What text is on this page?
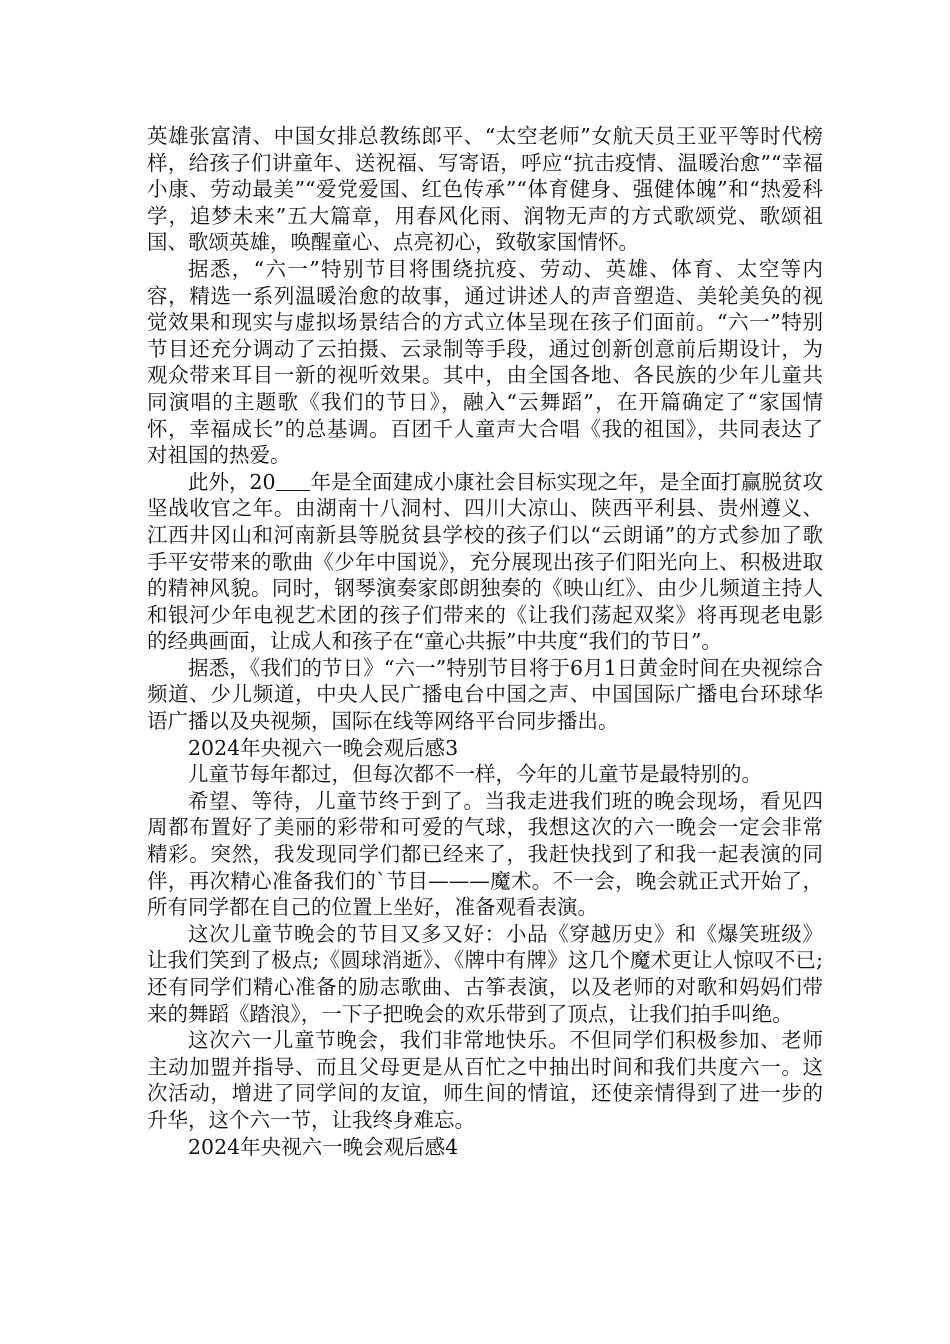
英雄张富清、中国女排总教练郎平、“太空老师”女航天员王亚平等时代榜样，给孩子们讲童年、送祝福、写寄语，呼应“抗击疫情、温暖治愈”“幸福小康、劳动最美”“爱党爱国、红色传承”“体育健身、强健体魄”和“热爱科学，追梦未来”五大篇章，用春风化雨、润物无声的方式歌颂党、歌颂祖国、歌颂英雄，唤醒童心、点亮初心，致敬家国情怀。

据悉，“六一”特别节目将围绕抗疫、劳动、英雄、体育、太空等内容，精选一系列温暖治愈的故事，通过讲述人的声音塑造、美轮美奂的视觉效果和现实与虚拟场景结合的方式立体呈现在孩子们面前。“六一”特别节目还充分调动了云拍摄、云录制等手段，通过创新创意前后期设计，为观众带来耳目一新的视听效果。其中，由全国各地、各民族的少年儿童共同演唱的主题歌《我们的节日》，融入“云舞蹈”，在开篇确定了“家国情怀，幸福成长”的总基调。百团千人童声大合唱《我的祖国》，共同表达了对祖国的热爱。

此外，20 年是全面建成小康社会目标实现之年，是全面打赢脱贫攻坚战收官之年。由湖南十八洞村、四川大凉山、陕西平利县、贵州遵义、江西井冈山和河南新县等脱贫县学校的孩子们以“云朗诵”的方式参加了歌手平安带来的歌曲《少年中国说》，充分展现出孩子们阳光向上、积极进取的精神风貌。同时，钢琴演奏家郎朗独奏的《映山红》、由少儿频道主持人和银河少年电视艺术团的孩子们带来的《让我们荡起双桨》将再现老电影的经典画面，让成人和孩子在“童心共振”中共度“我们的节日”。

据悉，《我们的节日》“六一”特别节目将于6月1日黄金时间在央视综合频道、少儿频道，中央人民广播电台中国之声、中国国际广播电台环球华语广播以及央视频，国际在线等网络平台同步播出。

2024年央视六一晚会观后感3

儿童节每年都过，但每次都不一样，今年的儿童节是最特别的。

希望、等待，儿童节终于到了。当我走进我们班的晚会现场，看见四周都布置好了美丽的彩带和可爱的气球，我想这次的六一晚会一定会非常精彩。突然，我发现同学们都已经来了，我赶快找到了和我一起表演的同伴，再次精心准备我们的`节目———魔术。不一会，晚会就正式开始了，所有同学都在自己的位置上坐好，准备观看表演。

这次儿童节晚会的节目又多又好：小品《穿越历史》和《爆笑班级》让我们笑到了极点;《圆球消逝》、《牌中有牌》这几个魔术更让人惊叹不已;还有同学们精心准备的励志歌曲、古筝表演，以及老师的对歌和妈妈们带来的舞蹈《踏浪》，一下子把晚会的欢乐带到了顶点，让我们拍手叫绝。

这次六一儿童节晚会，我们非常地快乐。不但同学们积极参加、老师主动加盟并指导、而且父母更是从百忙之中抽出时间和我们共度六一。这次活动，增进了同学间的友谊，师生间的情谊，还使亲情得到了进一步的升华，这个六一节，让我终身难忘。

2024年央视六一晚会观后感4
